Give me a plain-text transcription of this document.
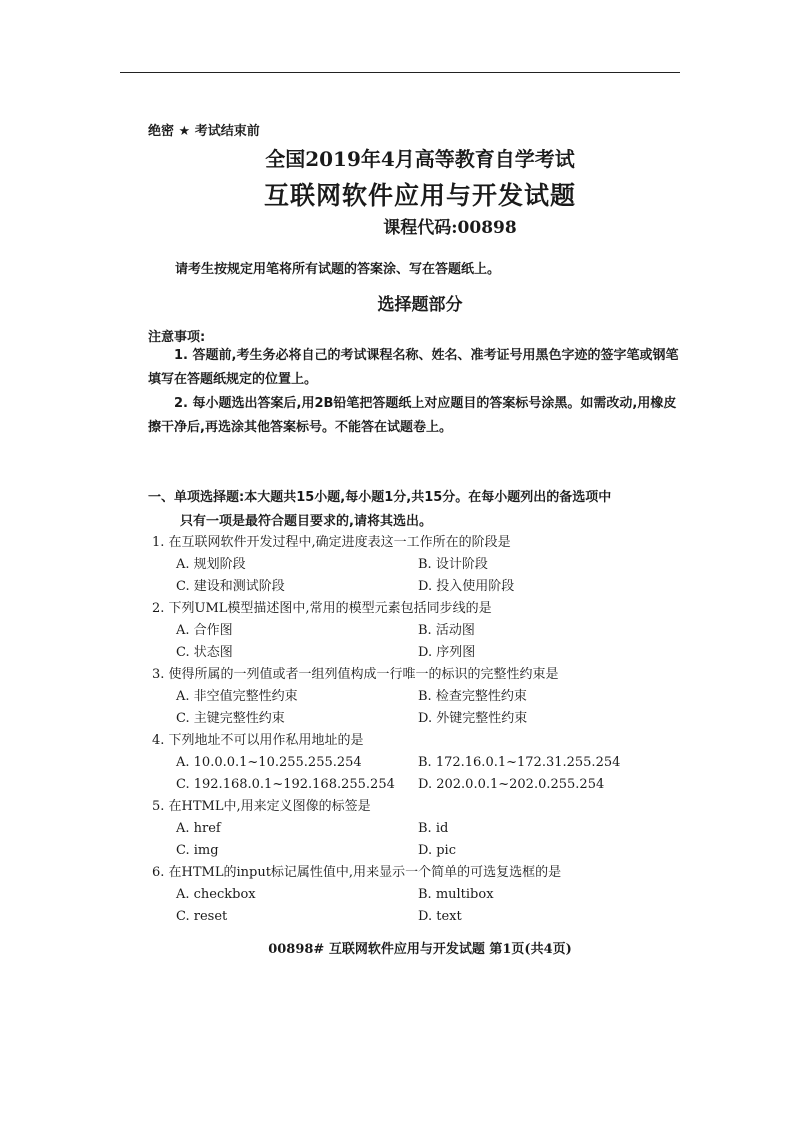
绝密 ★ 考试结束前
全国2019年4月高等教育自学考试
互联网软件应用与开发试题
课程代码:00898
请考生按规定用笔将所有试题的答案涂、写在答题纸上。
选择题部分
注意事项:
1. 答题前,考生务必将自己的考试课程名称、姓名、准考证号用黑色字迹的签字笔或钢笔填写在答题纸规定的位置上。
2. 每小题选出答案后,用2B铅笔把答题纸上对应题目的答案标号涂黑。如需改动,用橡皮擦干净后,再选涂其他答案标号。不能答在试题卷上。
一、单项选择题:本大题共15小题,每小题1分,共15分。在每小题列出的备选项中
只有一项是最符合题目要求的,请将其选出。
1. 在互联网软件开发过程中,确定进度表这一工作所在的阶段是
A. 规划阶段	B. 设计阶段
C. 建设和测试阶段	D. 投入使用阶段
2. 下列UML模型描述图中,常用的模型元素包括同步线的是
A. 合作图	B. 活动图
C. 状态图	D. 序列图
3. 使得所属的一列值或者一组列值构成一行唯一的标识的完整性约束是
A. 非空值完整性约束	B. 检查完整性约束
C. 主键完整性约束	D. 外键完整性约束
4. 下列地址不可以用作私用地址的是
A. 10.0.0.1~10.255.255.254	B. 172.16.0.1~172.31.255.254
C. 192.168.0.1~192.168.255.254 D. 202.0.0.1~202.0.255.254
5. 在HTML中,用来定义图像的标签是
A. href	B. id
C. img	D. pic
6. 在HTML的input标记属性值中,用来显示一个简单的可选复选框的是
A. checkbox	B. multibox
C. reset	D. text
00898# 互联网软件应用与开发试题 第1页(共4页)
